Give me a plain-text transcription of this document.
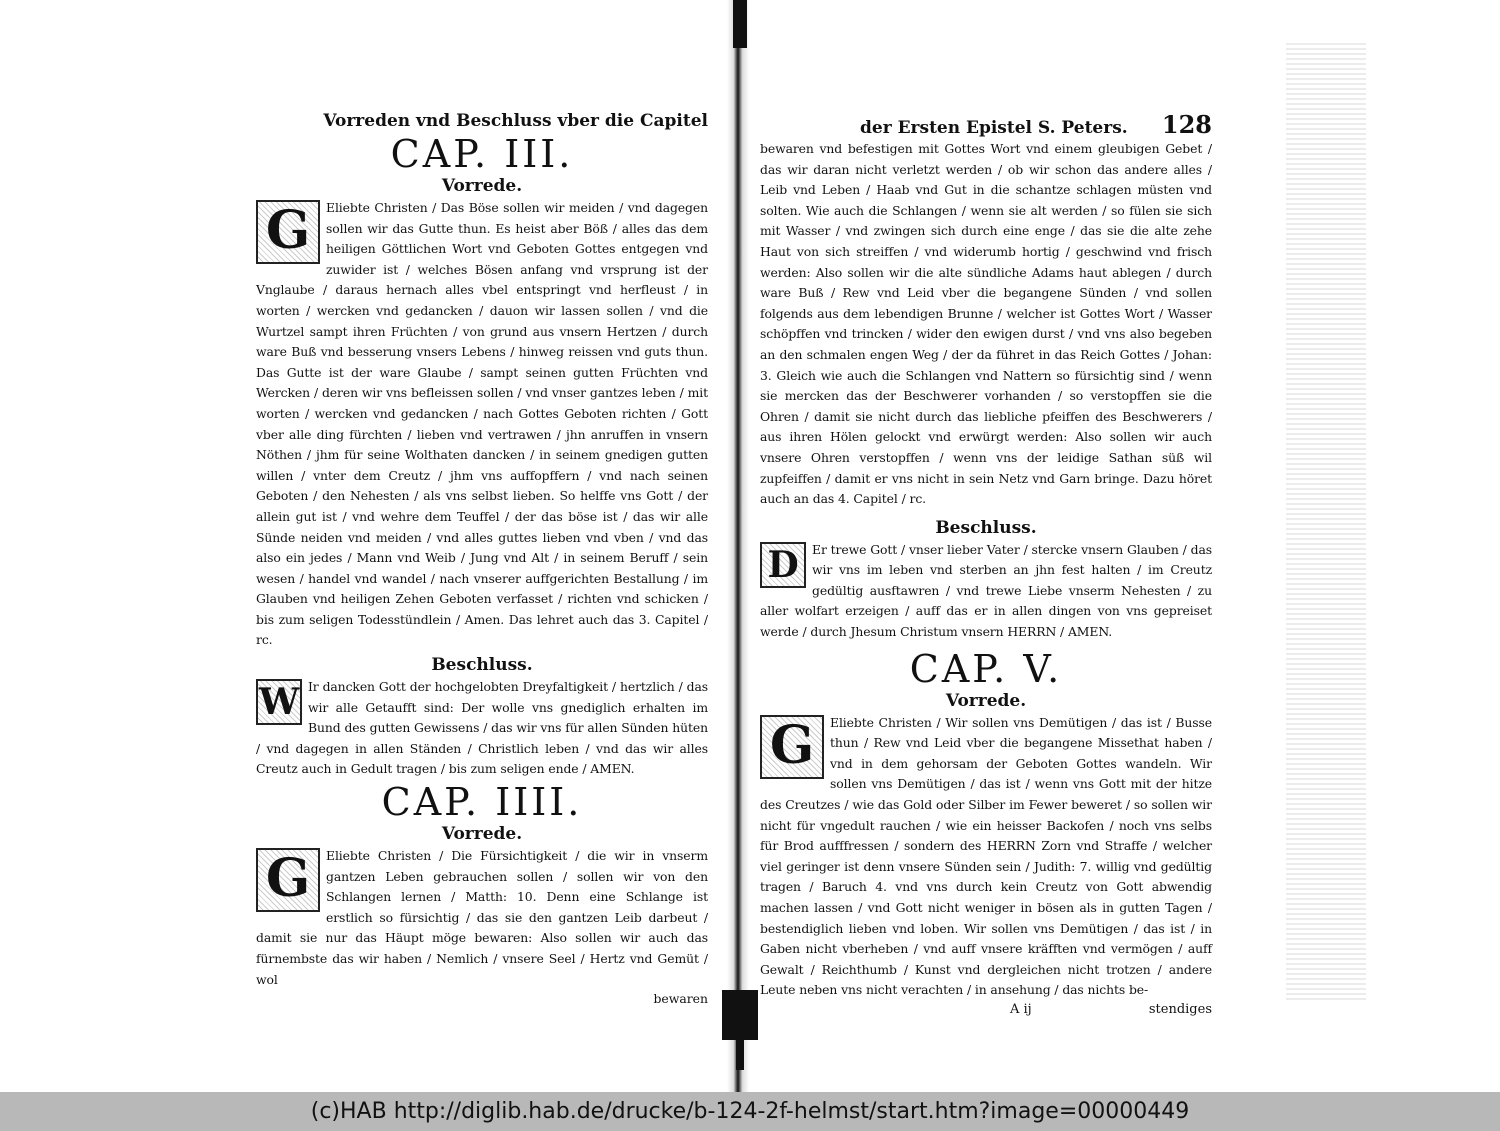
Vorreden vnd Beschluss vber die Capitel
CAP. III.
Vorrede.
G	Eliebte Christen / Das Böse sollen wir meiden / vnd dagegen sollen wir das Gutte thun. Es heist aber Böß / alles das dem heiligen Göttlichen Wort vnd Geboten Gottes entgegen vnd zuwider ist / welches Bösen anfang vnd vrsprung ist der Vnglaube / daraus hernach alles vbel entspringt vnd herfleust / in worten / wercken vnd gedancken / dauon wir lassen sollen / vnd die Wurtzel sampt ihren Früchten / von grund aus vnsern Hertzen / durch ware Buß vnd besserung vnsers Lebens / hinweg reissen vnd guts thun. Das Gutte ist der ware Glaube / sampt seinen gutten Früchten vnd Wercken / deren wir vns befleissen sollen / vnd vnser gantzes leben / mit worten / wercken vnd gedancken / nach Gottes Geboten richten / Gott vber alle ding fürchten / lieben vnd vertrawen / jhn anruffen in vnsern Nöthen / jhm für seine Wolthaten dancken / in seinem gnedigen gutten willen / vnter dem Creutz / jhm vns auffopffern / vnd nach seinen Geboten / den Nehesten / als vns selbst lieben. So helffe vns Gott / der allein gut ist / vnd wehre dem Teuffel / der das böse ist / das wir alle Sünde neiden vnd meiden / vnd alles guttes lieben vnd vben / vnd das also ein jedes / Mann vnd Weib / Jung vnd Alt / in seinem Beruff / sein wesen / handel vnd wandel / nach vnserer auffgerichten Bestallung / im Glauben vnd heiligen Zehen Geboten verfasset / richten vnd schicken / bis zum seligen Todesstündlein / Amen. Das lehret auch das 3. Capitel / rc.
Beschluss.
W Ir dancken Gott der hochgelobten Dreyfaltigkeit / hertzlich / das wir alle Getaufft sind: Der wolle vns gnediglich erhalten im Bund des gutten Gewissens / das wir vns für allen Sünden hüten / vnd dagegen in allen Ständen / Christlich leben / vnd das wir alles Creutz auch in Gedult tragen / bis zum seligen ende / AMEN.
CAP. IIII.
Vorrede.
G	Eliebte Christen / Die Fürsichtigkeit / die wir in vnserm gantzen Leben gebrauchen sollen / sollen wir von den Schlangen lernen / Matth: 10. Denn eine Schlange ist erstlich so fürsichtig / das sie den gantzen Leib darbeut / damit sie nur das Häupt möge bewaren: Also sollen wir auch das fürnembste das wir haben / Nemlich / vnsere Seel / Hertz vnd Gemüt / wol
bewaren
der Ersten Epistel S. Peters. 128
bewaren vnd befestigen mit Gottes Wort vnd einem gleubigen Gebet / das wir daran nicht verletzt werden / ob wir schon das andere alles / Leib vnd Leben / Haab vnd Gut in die schantze schlagen müsten vnd solten. Wie auch die Schlangen / wenn sie alt werden / so fülen sie sich mit Wasser / vnd zwingen sich durch eine enge / das sie die alte zehe Haut von sich streiffen / vnd widerumb hortig / geschwind vnd frisch werden: Also sollen wir die alte sündliche Adams haut ablegen / durch ware Buß / Rew vnd Leid vber die begangene Sünden / vnd sollen folgends aus dem lebendigen Brunne / welcher ist Gottes Wort / Wasser schöpffen vnd trincken / wider den ewigen durst / vnd vns also begeben an den schmalen engen Weg / der da führet in das Reich Gottes / Johan: 3. Gleich wie auch die Schlangen vnd Nattern so fürsichtig sind / wenn sie mercken das der Beschwerer vorhanden / so verstopffen sie die Ohren / damit sie nicht durch das liebliche pfeiffen des Beschwerers / aus ihren Hölen gelockt vnd erwürgt werden: Also sollen wir auch vnsere Ohren verstopffen / wenn vns der leidige Sathan süß wil zupfeiffen / damit er vns nicht in sein Netz vnd Garn bringe. Dazu höret auch an das 4. Capitel / rc.
Beschluss.
D	Er trewe Gott / vnser lieber Vater / stercke vnsern Glauben / das wir vns im leben vnd sterben an jhn fest halten / im Creutz gedültig ausftawren / vnd trewe Liebe vnserm Nehesten / zu aller wolfart erzeigen / auff das er in allen dingen von vns gepreiset werde / durch Jhesum Christum vnsern HERRN / AMEN.
CAP. V.
Vorrede.
G	Eliebte Christen / Wir sollen vns Demütigen / das ist / Busse thun / Rew vnd Leid vber die begangene Missethat haben / vnd in dem gehorsam der Geboten Gottes wandeln. Wir sollen vns Demütigen / das ist / wenn vns Gott mit der hitze des Creutzes / wie das Gold oder Silber im Fewer beweret / so sollen wir nicht für vngedult rauchen / wie ein heisser Backofen / noch vns selbs für Brod aufffressen / sondern des HERRN Zorn vnd Straffe / welcher viel geringer ist denn vnsere Sünden sein / Judith: 7. willig vnd gedültig tragen / Baruch 4. vnd vns durch kein Creutz von Gott abwendig machen lassen / vnd Gott nicht weniger in bösen als in gutten Tagen / bestendiglich lieben vnd loben. Wir sollen vns Demütigen / das ist / in Gaben nicht vberheben / vnd auff vnsere kräfften vnd vermögen / auff Gewalt / Reichthumb / Kunst vnd dergleichen nicht trotzen / andere Leute neben vns nicht verachten / in ansehung / das nichts be-
A ij	stendiges
(c)HAB http://diglib.hab.de/drucke/b-124-2f-helmst/start.htm?image=00000449
